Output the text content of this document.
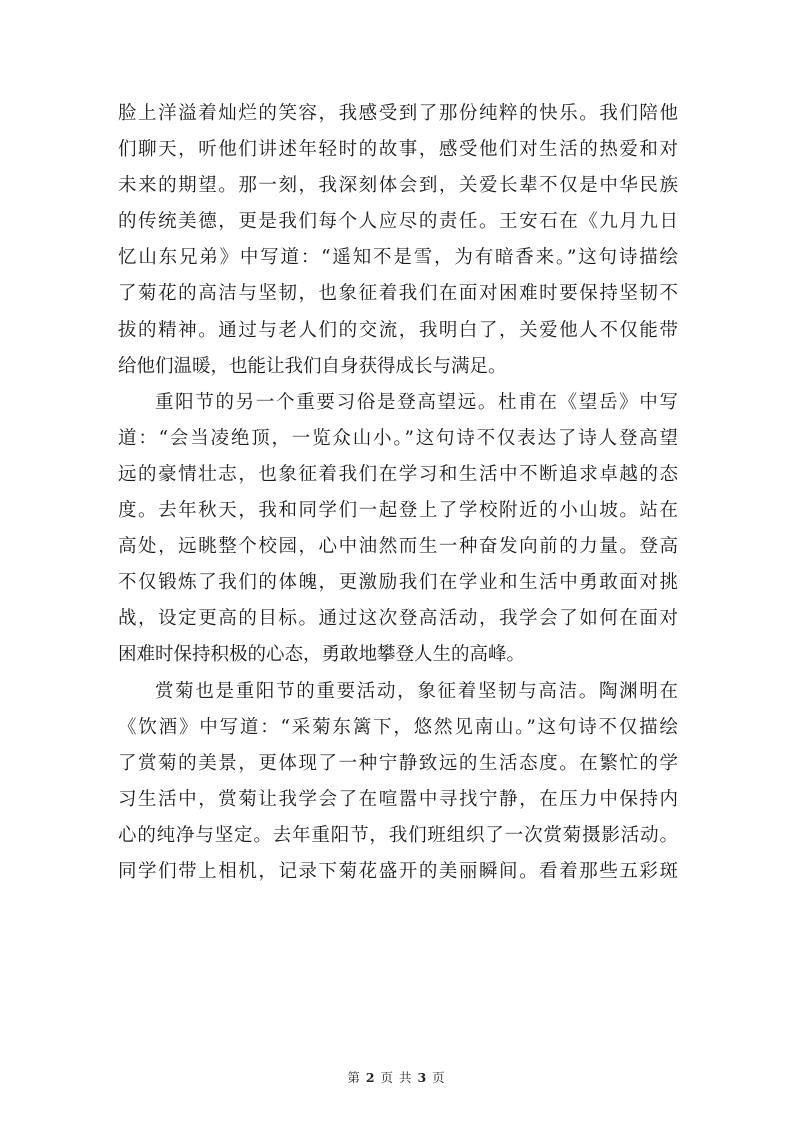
脸上洋溢着灿烂的笑容，我感受到了那份纯粹的快乐。我们陪他
们聊天，听他们讲述年轻时的故事，感受他们对生活的热爱和对
未来的期望。那一刻，我深刻体会到，关爱长辈不仅是中华民族
的传统美德，更是我们每个人应尽的责任。王安石在《九月九日
忆山东兄弟》中写道：“遥知不是雪，为有暗香来。”这句诗描绘
了菊花的高洁与坚韧，也象征着我们在面对困难时要保持坚韧不
拔的精神。通过与老人们的交流，我明白了，关爱他人不仅能带
给他们温暖，也能让我们自身获得成长与满足。
重阳节的另一个重要习俗是登高望远。杜甫在《望岳》中写
道：“会当凌绝顶，一览众山小。”这句诗不仅表达了诗人登高望
远的豪情壮志，也象征着我们在学习和生活中不断追求卓越的态
度。去年秋天，我和同学们一起登上了学校附近的小山坡。站在
高处，远眺整个校园，心中油然而生一种奋发向前的力量。登高
不仅锻炼了我们的体魄，更激励我们在学业和生活中勇敢面对挑
战，设定更高的目标。通过这次登高活动，我学会了如何在面对
困难时保持积极的心态，勇敢地攀登人生的高峰。
赏菊也是重阳节的重要活动，象征着坚韧与高洁。陶渊明在
《饮酒》中写道：“采菊东篱下，悠然见南山。”这句诗不仅描绘
了赏菊的美景，更体现了一种宁静致远的生活态度。在繁忙的学
习生活中，赏菊让我学会了在喧嚣中寻找宁静，在压力中保持内
心的纯净与坚定。去年重阳节，我们班组织了一次赏菊摄影活动。
同学们带上相机，记录下菊花盛开的美丽瞬间。看着那些五彩斑
第 2 页 共 3 页
